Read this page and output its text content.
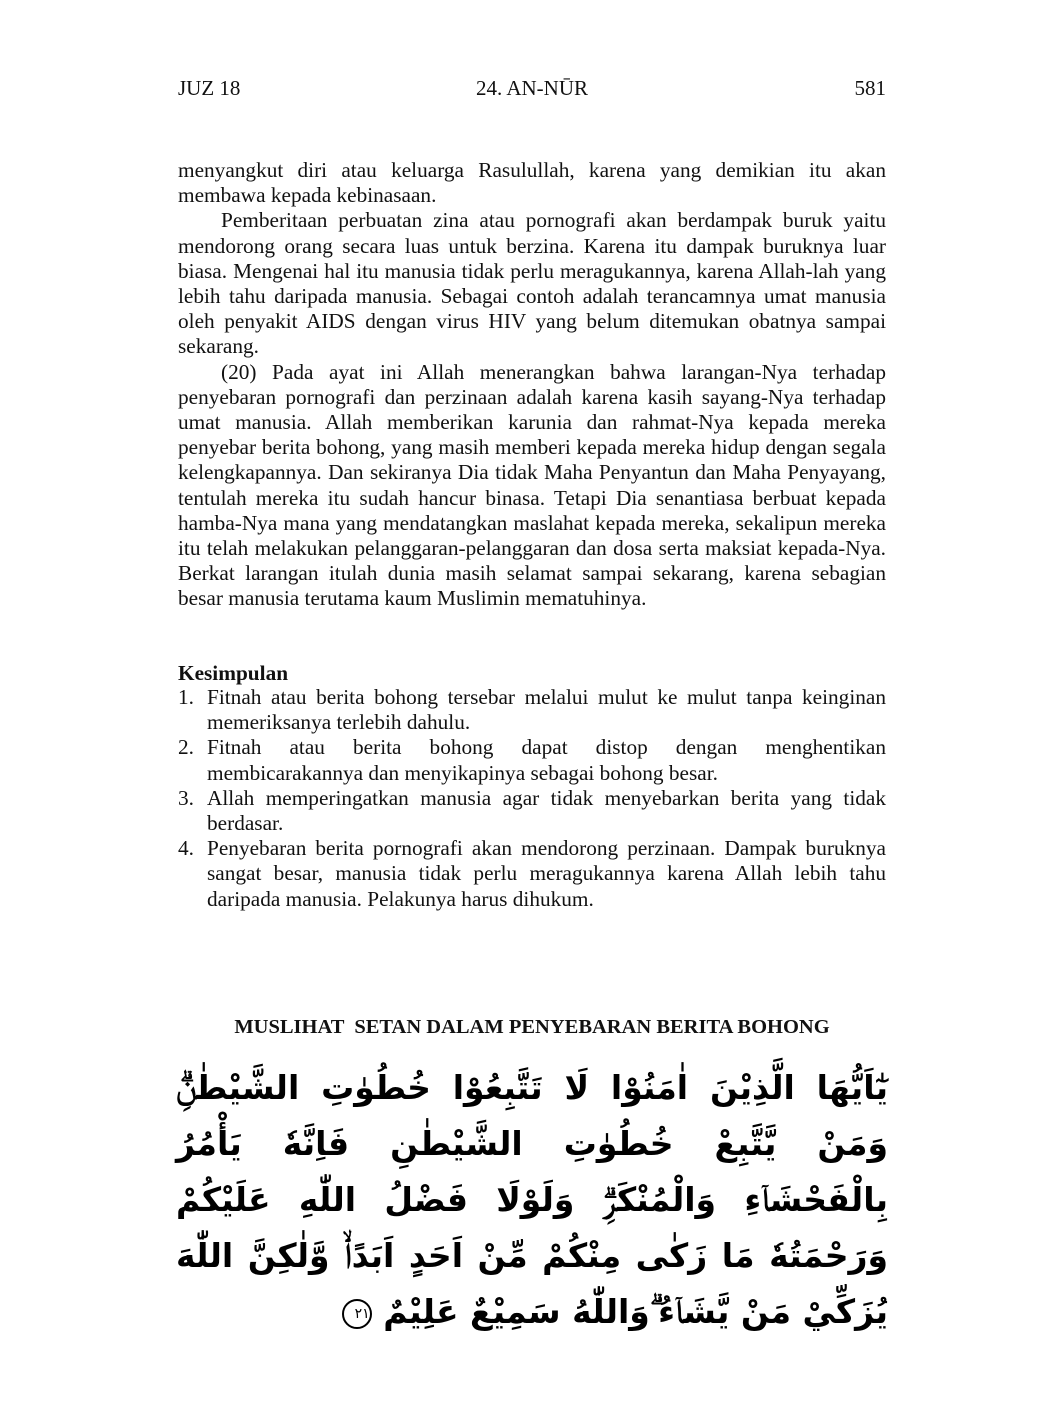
24. AN-NŪR
JUZ 18	581

menyangkut diri atau keluarga Rasulullah, karena yang demikian itu akan membawa kepada kebinasaan.

Pemberitaan perbuatan zina atau pornografi akan berdampak buruk yaitu mendorong orang secara luas untuk berzina. Karena itu dampak buruknya luar biasa. Mengenai hal itu manusia tidak perlu meragukannya, karena Allah-lah yang lebih tahu daripada manusia. Sebagai contoh adalah terancamnya umat manusia oleh penyakit AIDS dengan virus HIV yang belum ditemukan obatnya sampai sekarang.

(20) Pada ayat ini Allah menerangkan bahwa larangan-Nya terhadap penyebaran pornografi dan perzinaan adalah karena kasih sayang-Nya terhadap umat manusia. Allah memberikan karunia dan rahmat-Nya kepada mereka penyebar berita bohong, yang masih memberi kepada mereka hidup dengan segala kelengkapannya. Dan sekiranya Dia tidak Maha Penyantun dan Maha Penyayang, tentulah mereka itu sudah hancur binasa. Tetapi Dia senantiasa berbuat kepada hamba-Nya mana yang mendatangkan maslahat kepada mereka, sekalipun mereka itu telah melakukan pelanggaran-pelanggaran dan dosa serta maksiat kepada-Nya. Berkat larangan itulah dunia masih selamat sampai sekarang, karena sebagian besar manusia terutama kaum Muslimin mematuhinya.

Kesimpulan
1. Fitnah atau berita bohong tersebar melalui mulut ke mulut tanpa keinginan memeriksanya terlebih dahulu.
2. Fitnah atau berita bohong dapat distop dengan menghentikan membicarakannya dan menyikapinya sebagai bohong besar.
3. Allah memperingatkan manusia agar tidak menyebarkan berita yang tidak berdasar.
4. Penyebaran berita pornografi akan mendorong perzinaan. Dampak buruknya sangat besar, manusia tidak perlu meragukannya karena Allah lebih tahu daripada manusia. Pelakunya harus dihukum.
MUSLIHAT  SETAN DALAM PENYEBARAN BERITA BOHONG
يٰٓاَيُّهَا الَّذِيْنَ اٰمَنُوْا لَا تَتَّبِعُوْا خُطُوٰتِ الشَّيْطٰنِۗ وَمَنْ يَّتَّبِعْ خُطُوٰتِ الشَّيْطٰنِ فَاِنَّهٗ يَأْمُرُ بِالْفَحْشَاۤءِ وَالْمُنْكَرِۗ وَلَوْلَا فَضْلُ اللّٰهِ عَلَيْكُمْ وَرَحْمَتُهٗ مَا زَكٰى مِنْكُمْ مِّنْ اَحَدٍ اَبَدًاۙ وَّلٰكِنَّ اللّٰهَ يُزَكِّيْ مَنْ يَّشَاۤءُ ۗوَاللّٰهُ سَمِيْعٌ عَلِيْمٌ ٢١
